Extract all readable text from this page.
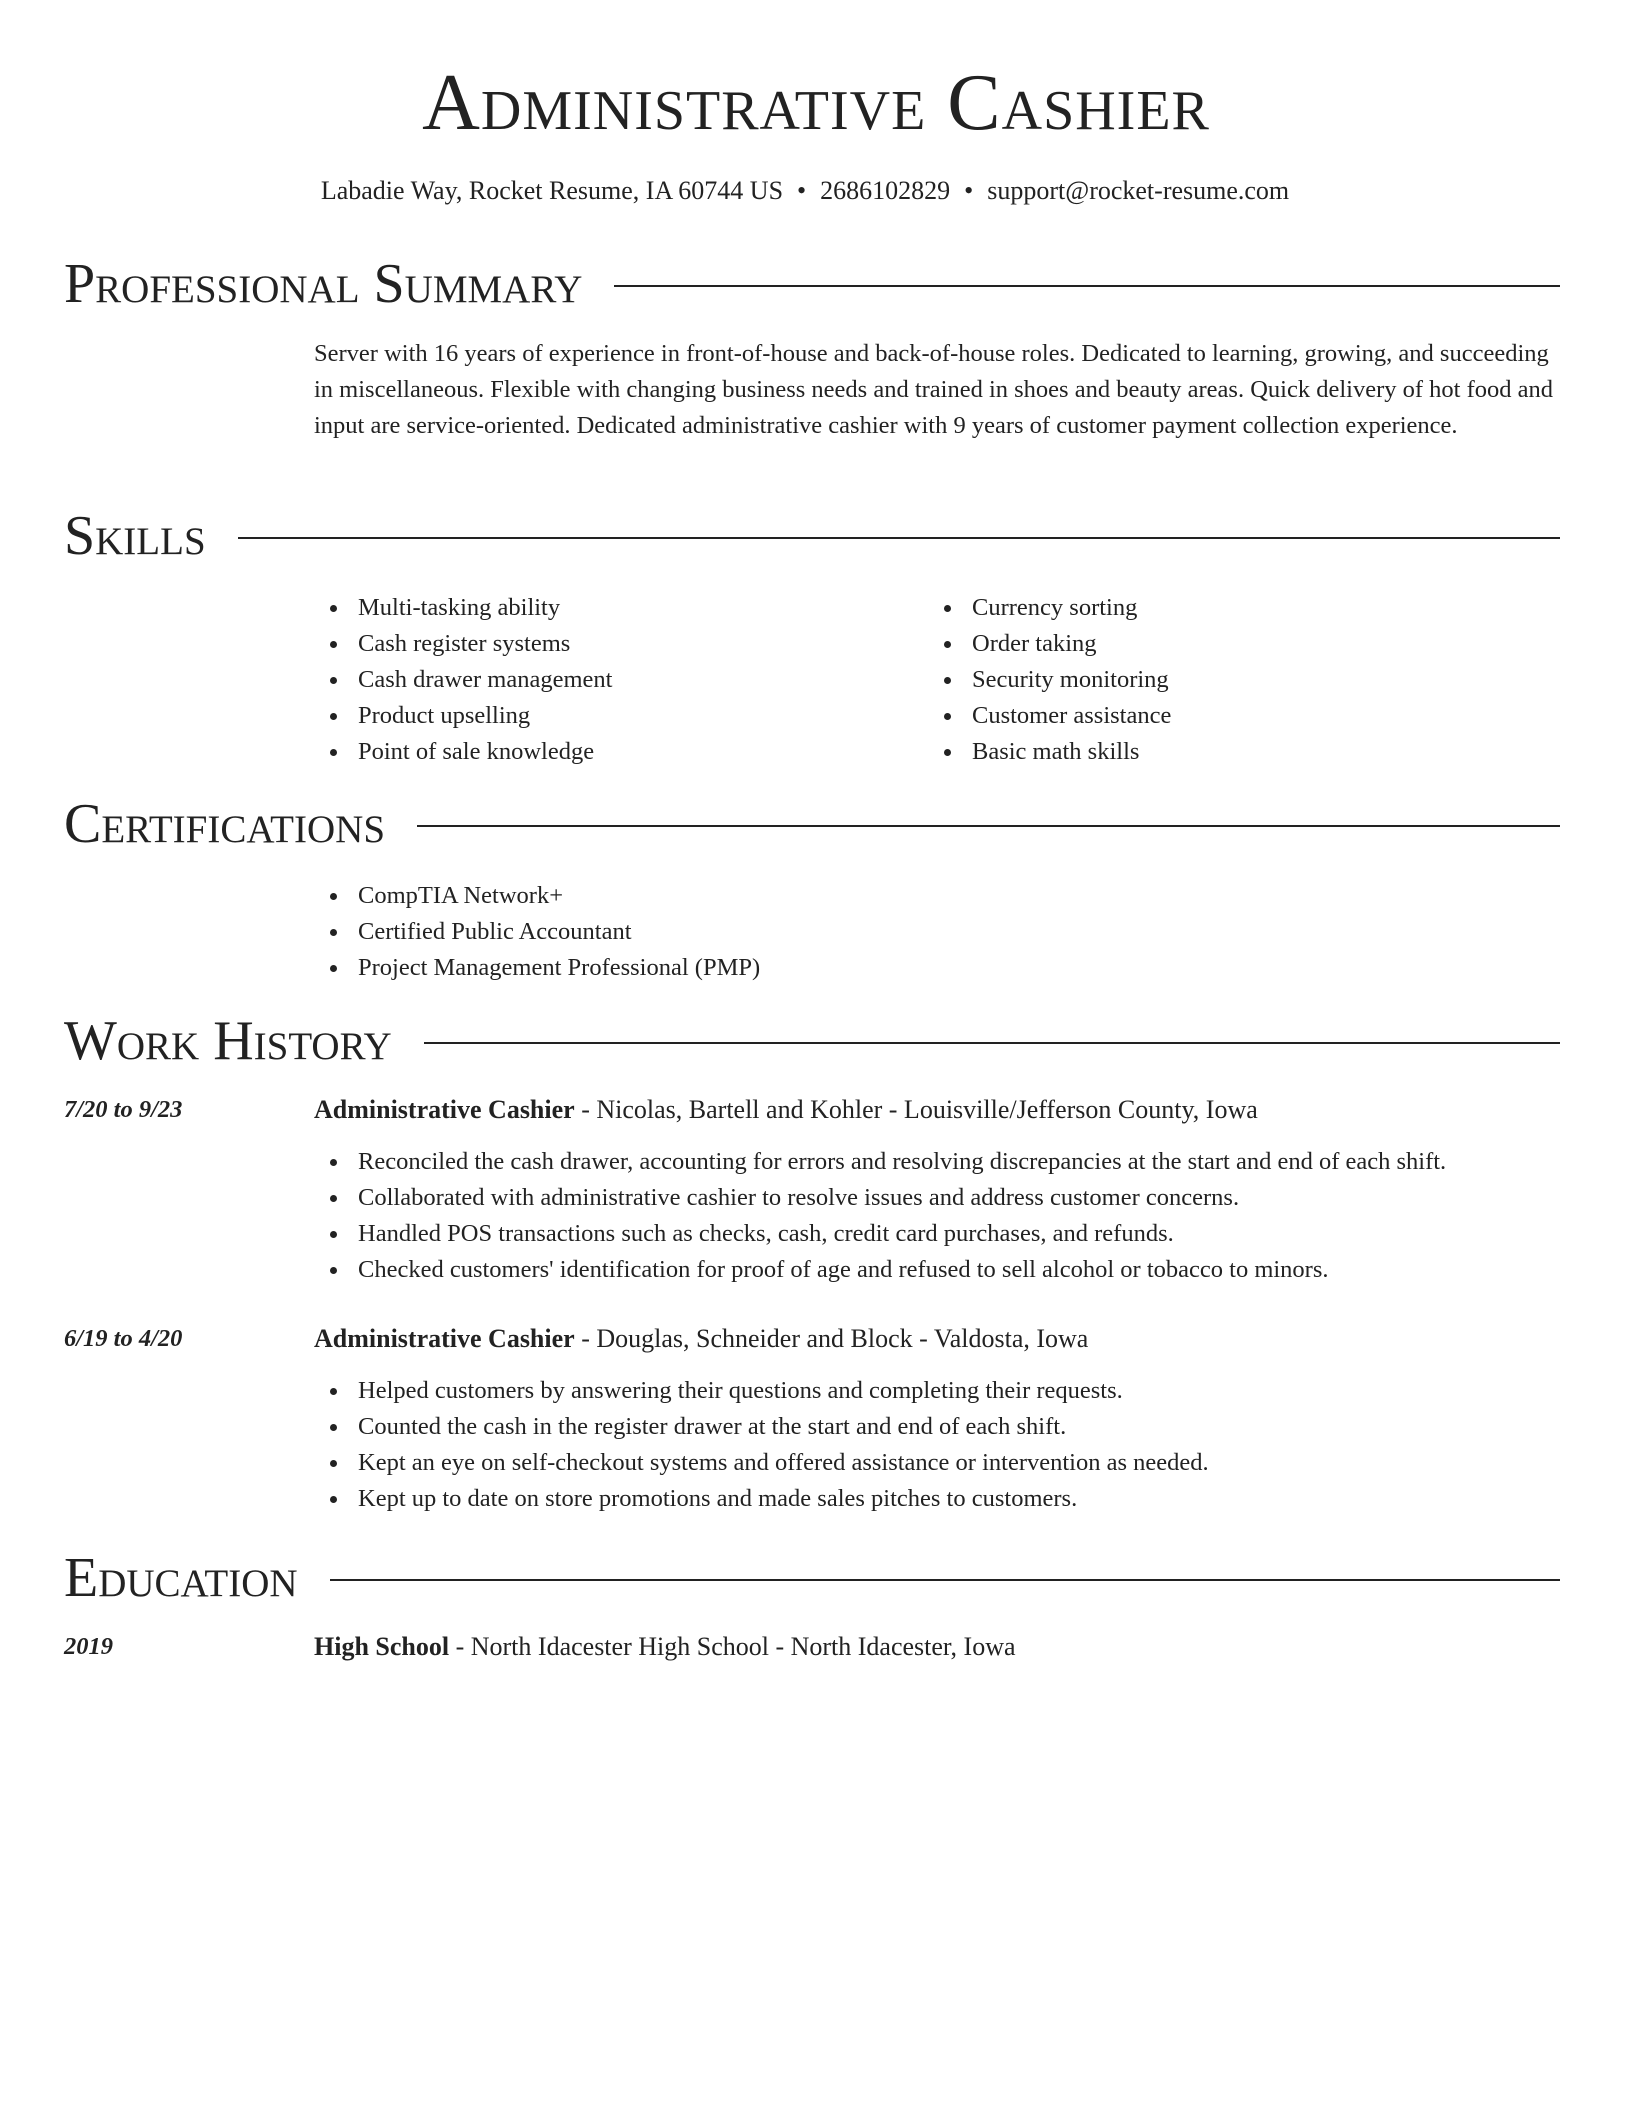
Administrative Cashier
Labadie Way, Rocket Resume, IA 60744 US • 2686102829 • support@rocket-resume.com
Professional Summary
Server with 16 years of experience in front-of-house and back-of-house roles. Dedicated to learning, growing, and succeeding in miscellaneous. Flexible with changing business needs and trained in shoes and beauty areas. Quick delivery of hot food and input are service-oriented. Dedicated administrative cashier with 9 years of customer payment collection experience.
Skills
Multi-tasking ability
Cash register systems
Cash drawer management
Product upselling
Point of sale knowledge
Currency sorting
Order taking
Security monitoring
Customer assistance
Basic math skills
Certifications
CompTIA Network+
Certified Public Accountant
Project Management Professional (PMP)
Work History
7/20 to 9/23	Administrative Cashier - Nicolas, Bartell and Kohler - Louisville/Jefferson County, Iowa
Reconciled the cash drawer, accounting for errors and resolving discrepancies at the start and end of each shift.
Collaborated with administrative cashier to resolve issues and address customer concerns.
Handled POS transactions such as checks, cash, credit card purchases, and refunds.
Checked customers' identification for proof of age and refused to sell alcohol or tobacco to minors.
6/19 to 4/20	Administrative Cashier - Douglas, Schneider and Block - Valdosta, Iowa
Helped customers by answering their questions and completing their requests.
Counted the cash in the register drawer at the start and end of each shift.
Kept an eye on self-checkout systems and offered assistance or intervention as needed.
Kept up to date on store promotions and made sales pitches to customers.
Education
2019	High School - North Idacester High School - North Idacester, Iowa
